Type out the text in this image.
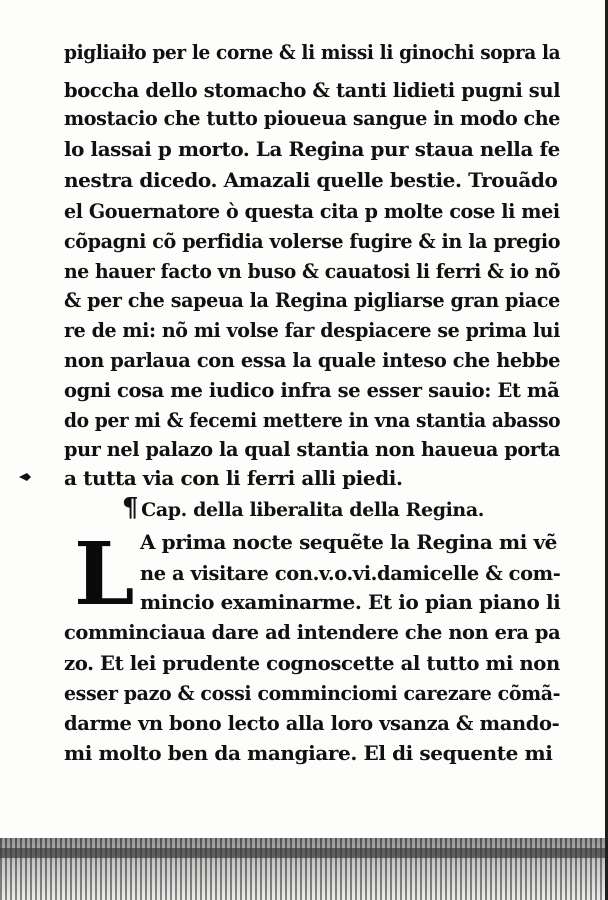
pigliaiło per le corne & li missi li ginochi sopra la
boccha dello stomacho & tanti lidieti pugni sul
mostacio che tutto pioueua sangue in modo che
lo lassai p morto. La Regina pur staua nella fe
nestra dicedo. Amazali quelle bestie. Trouãdo
el Gouernatore ò questa cita p molte cose li mei
cõpagni cõ perfidia volerse fugire & in la pregio
ne hauer facto vn buso & cauatosi li ferri & io nõ
& per che sapeua la Regina pigliarse gran piace
re de mi: nõ mi volse far despiacere se prima lui
non parlaua con essa la quale inteso che hebbe
ogni cosa me iudico infra se esser sauio: Et mã
do per mi & fecemi mettere in vna stantia abasso
pur nel palazo la qual stantia non haueua porta
a tutta via con li ferri alli piedi.
¶ Cap. della liberalita della Regina.
L A prima nocte sequẽte la Regina mi vẽ
ne a visitare con.v.o.vi.damicelle & com-
mincio examinarme. Et io pian piano li
comminciaua dare ad intendere che non era pa
zo. Et lei prudente cognoscette al tutto mi non
esser pazo & cossi comminciomi carezare cõmã-
darme vn bono lecto alla loro vsanza & mando-
mi molto ben da mangiare. El di sequente mi
